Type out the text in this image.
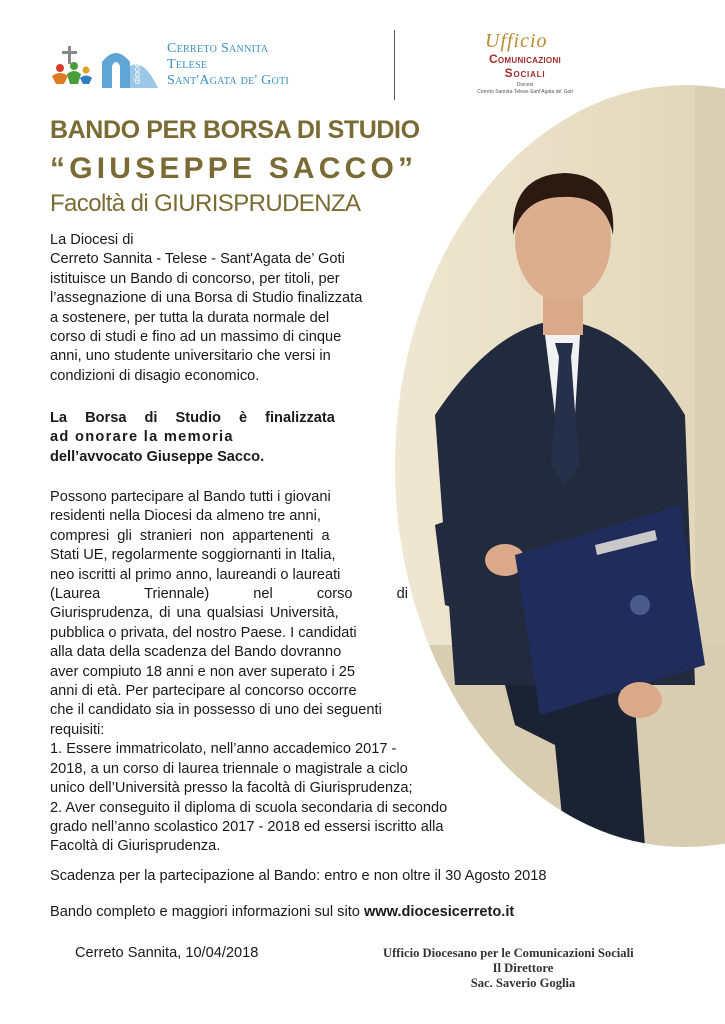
diocesi
Cerreto Sannita
Telese
Sant'Agata de' Goti
Ufficio
Comunicazioni
Sociali
Diocesi
Cerreto Sannita-Telese-Sant'Agata de' Goti
BANDO PER BORSA DI STUDIO
“GIUSEPPE SACCO”
Facoltà di GIURISPRUDENZA
La Diocesi di
Cerreto Sannita - Telese - Sant'Agata de’ Goti
istituisce un Bando di concorso, per titoli, per
l’assegnazione di una Borsa di Studio finalizzata
a sostenere, per tutta la durata normale del
corso di studi e fino ad un massimo di cinque
anni, uno studente universitario che versi in
condizioni di disagio economico.
La Borsa di Studio è finalizzata
ad onorare la memoria
dell’avvocato Giuseppe Sacco.
Possono partecipare al Bando tutti i giovani
residenti nella Diocesi da almeno tre anni,
compresi gli stranieri non appartenenti a
Stati UE, regolarmente soggiornanti in Italia,
neo iscritti al primo anno, laureandi o laureati
(Laurea Triennale) nel corso di
Giurisprudenza, di una qualsiasi Università,
pubblica o privata, del nostro Paese. I candidati
alla data della scadenza del Bando dovranno
aver compiuto 18 anni e non aver superato i 25
anni di età. Per partecipare al concorso occorre
che il candidato sia in possesso di uno dei seguenti
requisiti:
1. Essere immatricolato, nell’anno accademico 2017 -
2018, a un corso di laurea triennale o magistrale a ciclo
unico dell’Università presso la facoltà di Giurisprudenza;
2. Aver conseguito il diploma di scuola secondaria di secondo
grado nell’anno scolastico 2017 - 2018 ed essersi iscritto alla
Facoltà di Giurisprudenza.
Scadenza per la partecipazione al Bando: entro e non oltre il 30 Agosto 2018
Bando completo e maggiori informazioni sul sito www.diocesicerreto.it
Cerreto Sannita, 10/04/2018	Ufficio Diocesano per le Comunicazioni Sociali
Il Direttore
Sac. Saverio Goglia
